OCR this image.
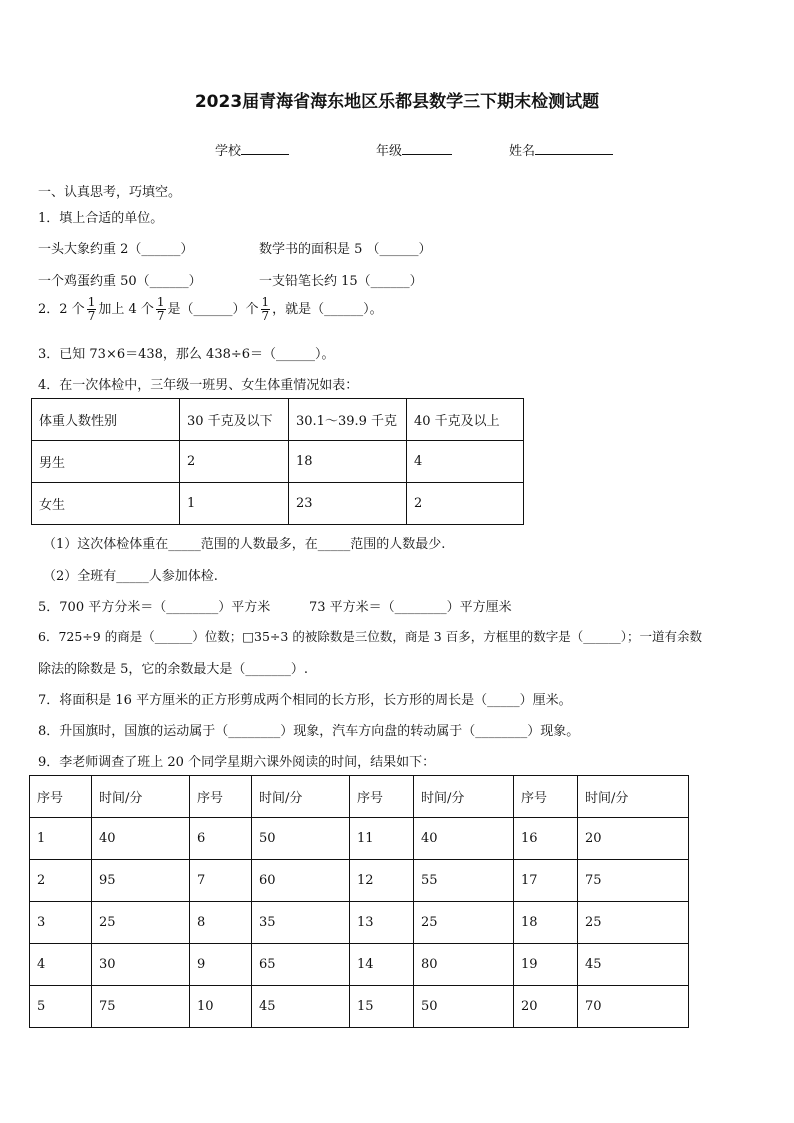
2023届青海省海东地区乐都县数学三下期末检测试题
学校	年级	姓名
一、认真思考，巧填空。
1．填上合适的单位。
一头大象约重 2（______）	数学书的面积是 5 （______）
一个鸡蛋约重 50（______）	一支铅笔长约 15（______）
2．2 个 $\frac{1}{7}$ 加上 4 个 $\frac{1}{7}$ 是（______）个 $\frac{1}{7}$ ，就是（______）。
3．已知 73×6＝438，那么 438÷6＝（______）。
4．在一次体检中，三年级一班男、女生体重情况如表：
体重人数性别	30 千克及以下	30.1～39.9 千克	40 千克及以上
男生	2	18	4
女生	1	23	2
（1）这次体检体重在_____范围的人数最多，在_____范围的人数最少.
（2）全班有_____人参加体检.
5．700 平方分米＝（________）平方米	73 平方米＝（________）平方厘米
6．725÷9 的商是（______）位数；□35÷3 的被除数是三位数，商是 3 百多，方框里的数字是（______）；一道有余数
除法的除数是 5，它的余数最大是（_______）.
7．将面积是 16 平方厘米的正方形剪成两个相同的长方形，长方形的周长是（_____）厘米。
8．升国旗时，国旗的运动属于（________）现象，汽车方向盘的转动属于（________）现象。
9．李老师调查了班上 20 个同学星期六课外阅读的时间，结果如下：
序号	时间/分	序号	时间/分	序号	时间/分	序号	时间/分
1	40	6	50	11	40	16	20
2	95	7	60	12	55	17	75
3	25	8	35	13	25	18	25
4	30	9	65	14	80	19	45
5	75	10	45	15	50	20	70
